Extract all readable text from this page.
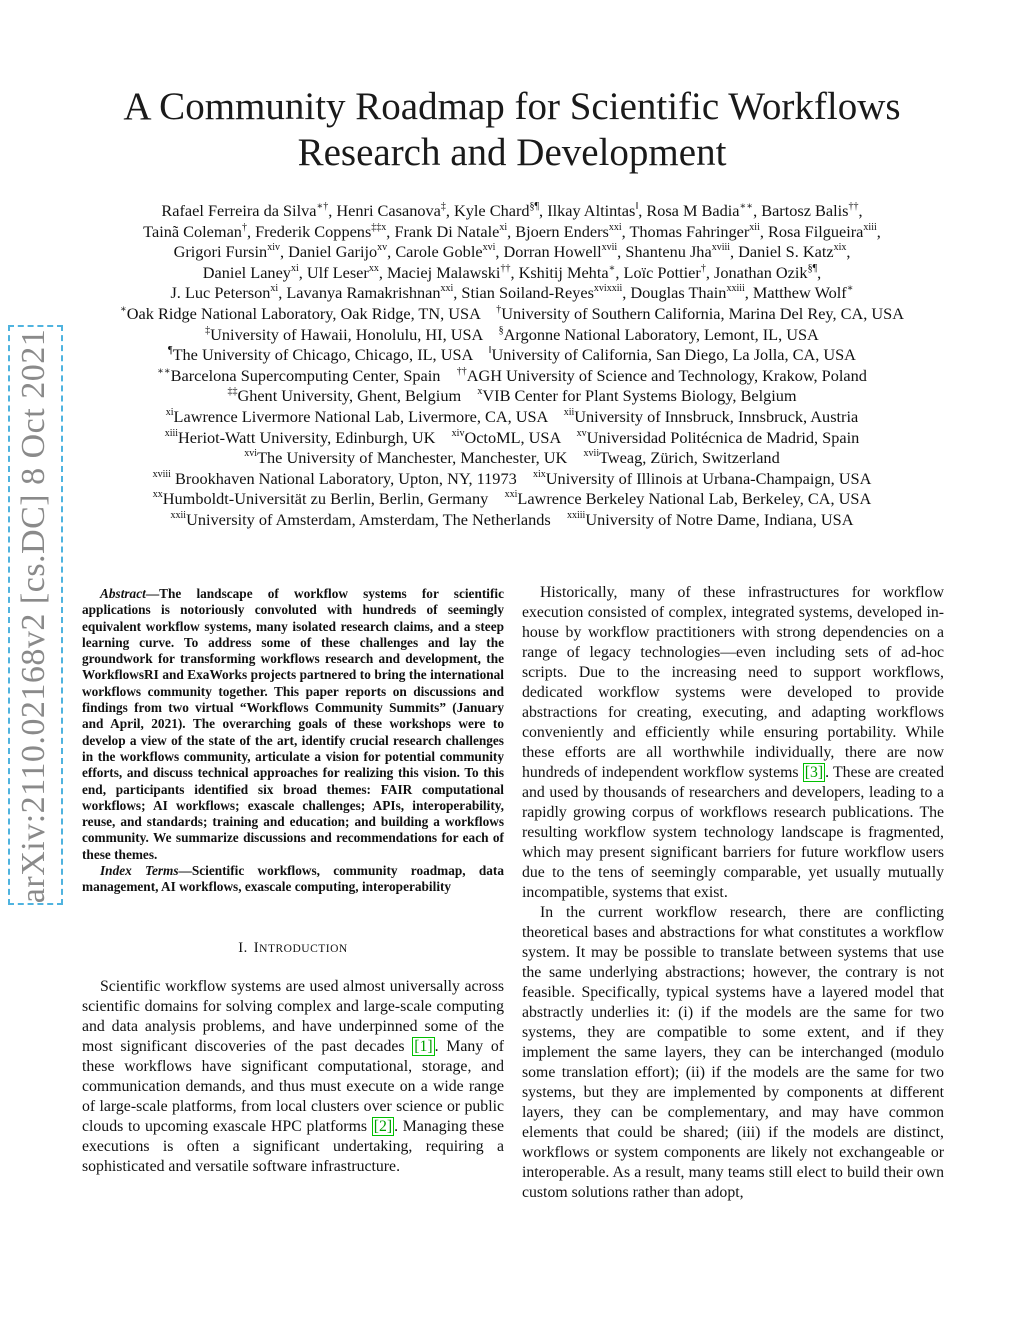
A Community Roadmap for Scientific Workflows
Research and Development
arXiv:2110.02168v2 [cs.DC] 8 Oct 2021
Rafael Ferreira da Silva∗†, Henri Casanova‡, Kyle Chard§¶, Ilkay Altintas‖, Rosa M Badia∗∗, Bartosz Balis††,
Tainã Coleman†, Frederik Coppens$^{\ddagger\ddagger x}$, Frank Di Natale$^{xi}$, Bjoern Enders$^{xxi}$, Thomas Fahringer$^{xii}$, Rosa Filgueira$^{xiii}$,
Grigori Fursin$^{xiv}$, Daniel Garijo$^{xv}$, Carole Goble$^{xvi}$, Dorran Howell$^{xvii}$, Shantenu Jha$^{xviii}$, Daniel S. Katz$^{xix}$,
Daniel Laney$^{xi}$, Ulf Leser$^{xx}$, Maciej Malawski††, Kshitij Mehta∗, Loïc Pottier†, Jonathan Ozik§¶,
J. Luc Peterson$^{xi}$, Lavanya Ramakrishnan$^{xxi}$, Stian Soiland-Reyes$^{xvixxii}$, Douglas Thain$^{xxiii}$, Matthew Wolf∗
∗Oak Ridge National Laboratory, Oak Ridge, TN, USA    †University of Southern California, Marina Del Rey, CA, USA
‡University of Hawaii, Honolulu, HI, USA    §Argonne National Laboratory, Lemont, IL, USA
¶The University of Chicago, Chicago, IL, USA    ‖University of California, San Diego, La Jolla, CA, USA
∗∗Barcelona Supercomputing Center, Spain    ††AGH University of Science and Technology, Krakow, Poland
‡‡Ghent University, Ghent, Belgium    $^x$VIB Center for Plant Systems Biology, Belgium
$^{xi}$Lawrence Livermore National Lab, Livermore, CA, USA    $^{xii}$University of Innsbruck, Innsbruck, Austria
$^{xiii}$Heriot-Watt University, Edinburgh, UK    $^{xiv}$OctoML, USA    $^{xv}$Universidad Politécnica de Madrid, Spain
$^{xvi}$The University of Manchester, Manchester, UK    $^{xvii}$Tweag, Zürich, Switzerland
$^{xviii}$ Brookhaven National Laboratory, Upton, NY, 11973    $^{xix}$University of Illinois at Urbana-Champaign, USA
$^{xx}$Humboldt-Universität zu Berlin, Berlin, Germany    $^{xxi}$Lawrence Berkeley National Lab, Berkeley, CA, USA
$^{xxii}$University of Amsterdam, Amsterdam, The Netherlands    $^{xxiii}$University of Notre Dame, Indiana, USA

Abstract—The landscape of workflow systems for scientific applications is notoriously convoluted with hundreds of seemingly equivalent workflow systems, many isolated research claims, and a steep learning curve. To address some of these challenges and lay the groundwork for transforming workflows research and development, the WorkflowsRI and ExaWorks projects partnered to bring the international workflows community together. This paper reports on discussions and findings from two virtual “Workflows Community Summits” (January and April, 2021). The overarching goals of these workshops were to develop a view of the state of the art, identify crucial research challenges in the workflows community, articulate a vision for potential community efforts, and discuss technical approaches for realizing this vision. To this end, participants identified six broad themes: FAIR computational workflows; AI workflows; exascale challenges; APIs, interoperability, reuse, and standards; training and education; and building a workflows community. We summarize discussions and recommendations for each of these themes.

Index Terms—Scientific workflows, community roadmap, data management, AI workflows, exascale computing, interoperability

I. INTRODUCTION

Scientific workflow systems are used almost universally across scientific domains for solving complex and large-scale computing and data analysis problems, and have underpinned some of the most significant discoveries of the past decades [1] . Many of these workflows have significant computational, storage, and communication demands, and thus must execute on a wide range of large-scale platforms, from local clusters over science or public clouds to upcoming exascale HPC platforms [2] . Managing these executions is often a significant undertaking, requiring a sophisticated and versatile software infrastructure.

Historically, many of these infrastructures for workflow execution consisted of complex, integrated systems, developed in-house by workflow practitioners with strong dependencies on a range of legacy technologies—even including sets of ad-hoc scripts. Due to the increasing need to support workflows, dedicated workflow systems were developed to provide abstractions for creating, executing, and adapting workflows conveniently and efficiently while ensuring portability. While these efforts are all worthwhile individually, there are now hundreds of independent workflow systems [3] . These are created and used by thousands of researchers and developers, leading to a rapidly growing corpus of workflows research publications. The resulting workflow system technology landscape is fragmented, which may present significant barriers for future workflow users due to the tens of seemingly comparable, yet usually mutually incompatible, systems that exist.

In the current workflow research, there are conflicting theoretical bases and abstractions for what constitutes a workflow system. It may be possible to translate between systems that use the same underlying abstractions; however, the contrary is not feasible. Specifically, typical systems have a layered model that abstractly underlies it: (i) if the models are the same for two systems, they are compatible to some extent, and if they implement the same layers, they can be interchanged (modulo some translation effort); (ii) if the models are the same for two systems, but they are implemented by components at different layers, they can be complementary, and may have common elements that could be shared; (iii) if the models are distinct, workflows or system components are likely not exchangeable or interoperable. As a result, many teams still elect to build their own custom solutions rather than adopt,
